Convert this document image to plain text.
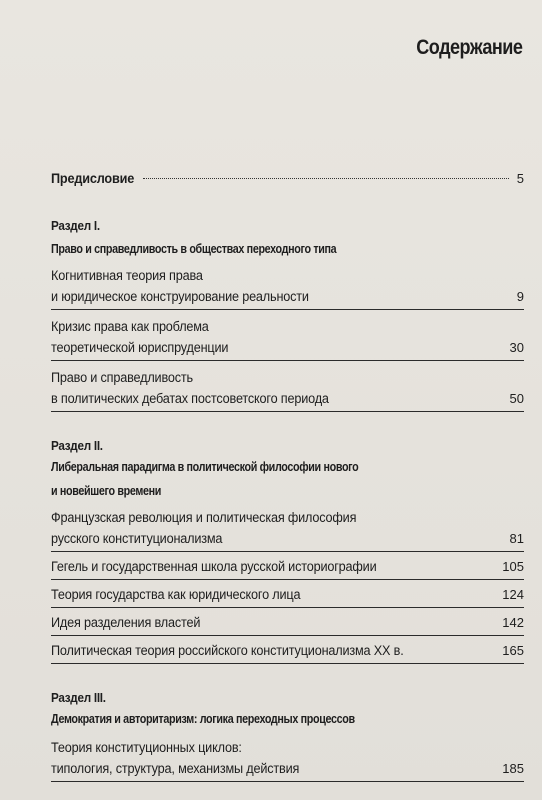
Содержание
Предисловие	5
Раздел I.
Право и справедливость в обществах переходного типа
Когнитивная теория права
и юридическое конструирование реальности	9
Кризис права как проблема
теоретической юриспруденции	30
Право и справедливость
в политических дебатах постсоветского периода	50
Раздел II.
Либеральная парадигма в политической философии нового
и новейшего времени
Французская революция и политическая философия
русского конституционализма	81
Гегель и государственная школа русской историографии	105
Теория государства как юридического лица	124
Идея разделения властей	142
Политическая теория российского конституционализма XX в.	165
Раздел III.
Демократия и авторитаризм: логика переходных процессов
Теория конституционных циклов:
типология, структура, механизмы действия	185
